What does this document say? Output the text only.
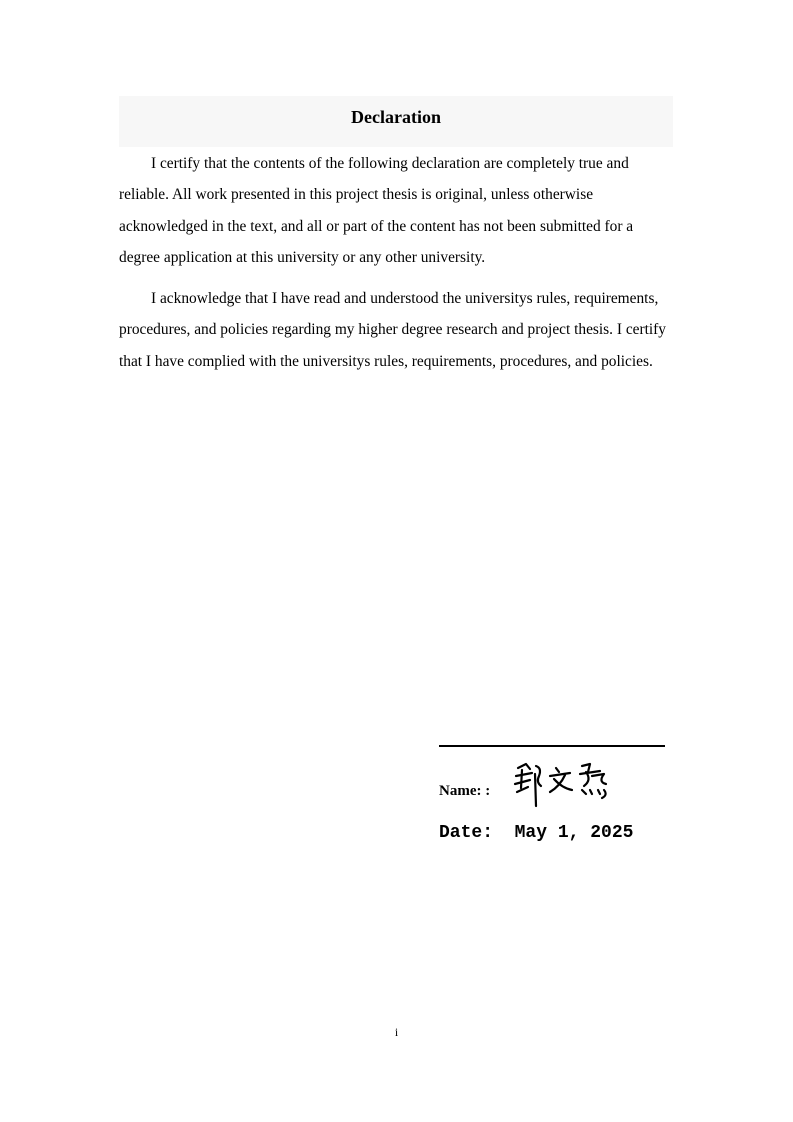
Declaration

I certify that the contents of the following declaration are completely true and reliable. All work presented in this project thesis is original, unless otherwise acknowledged in the text, and all or part of the content has not been submitted for a degree application at this university or any other university.

I acknowledge that I have read and understood the universitys rules, requirements, procedures, and policies regarding my higher degree research and project thesis. I certify that I have complied with the universitys rules, requirements, procedures, and policies.

Name: :
Date: May 1, 2025
i
